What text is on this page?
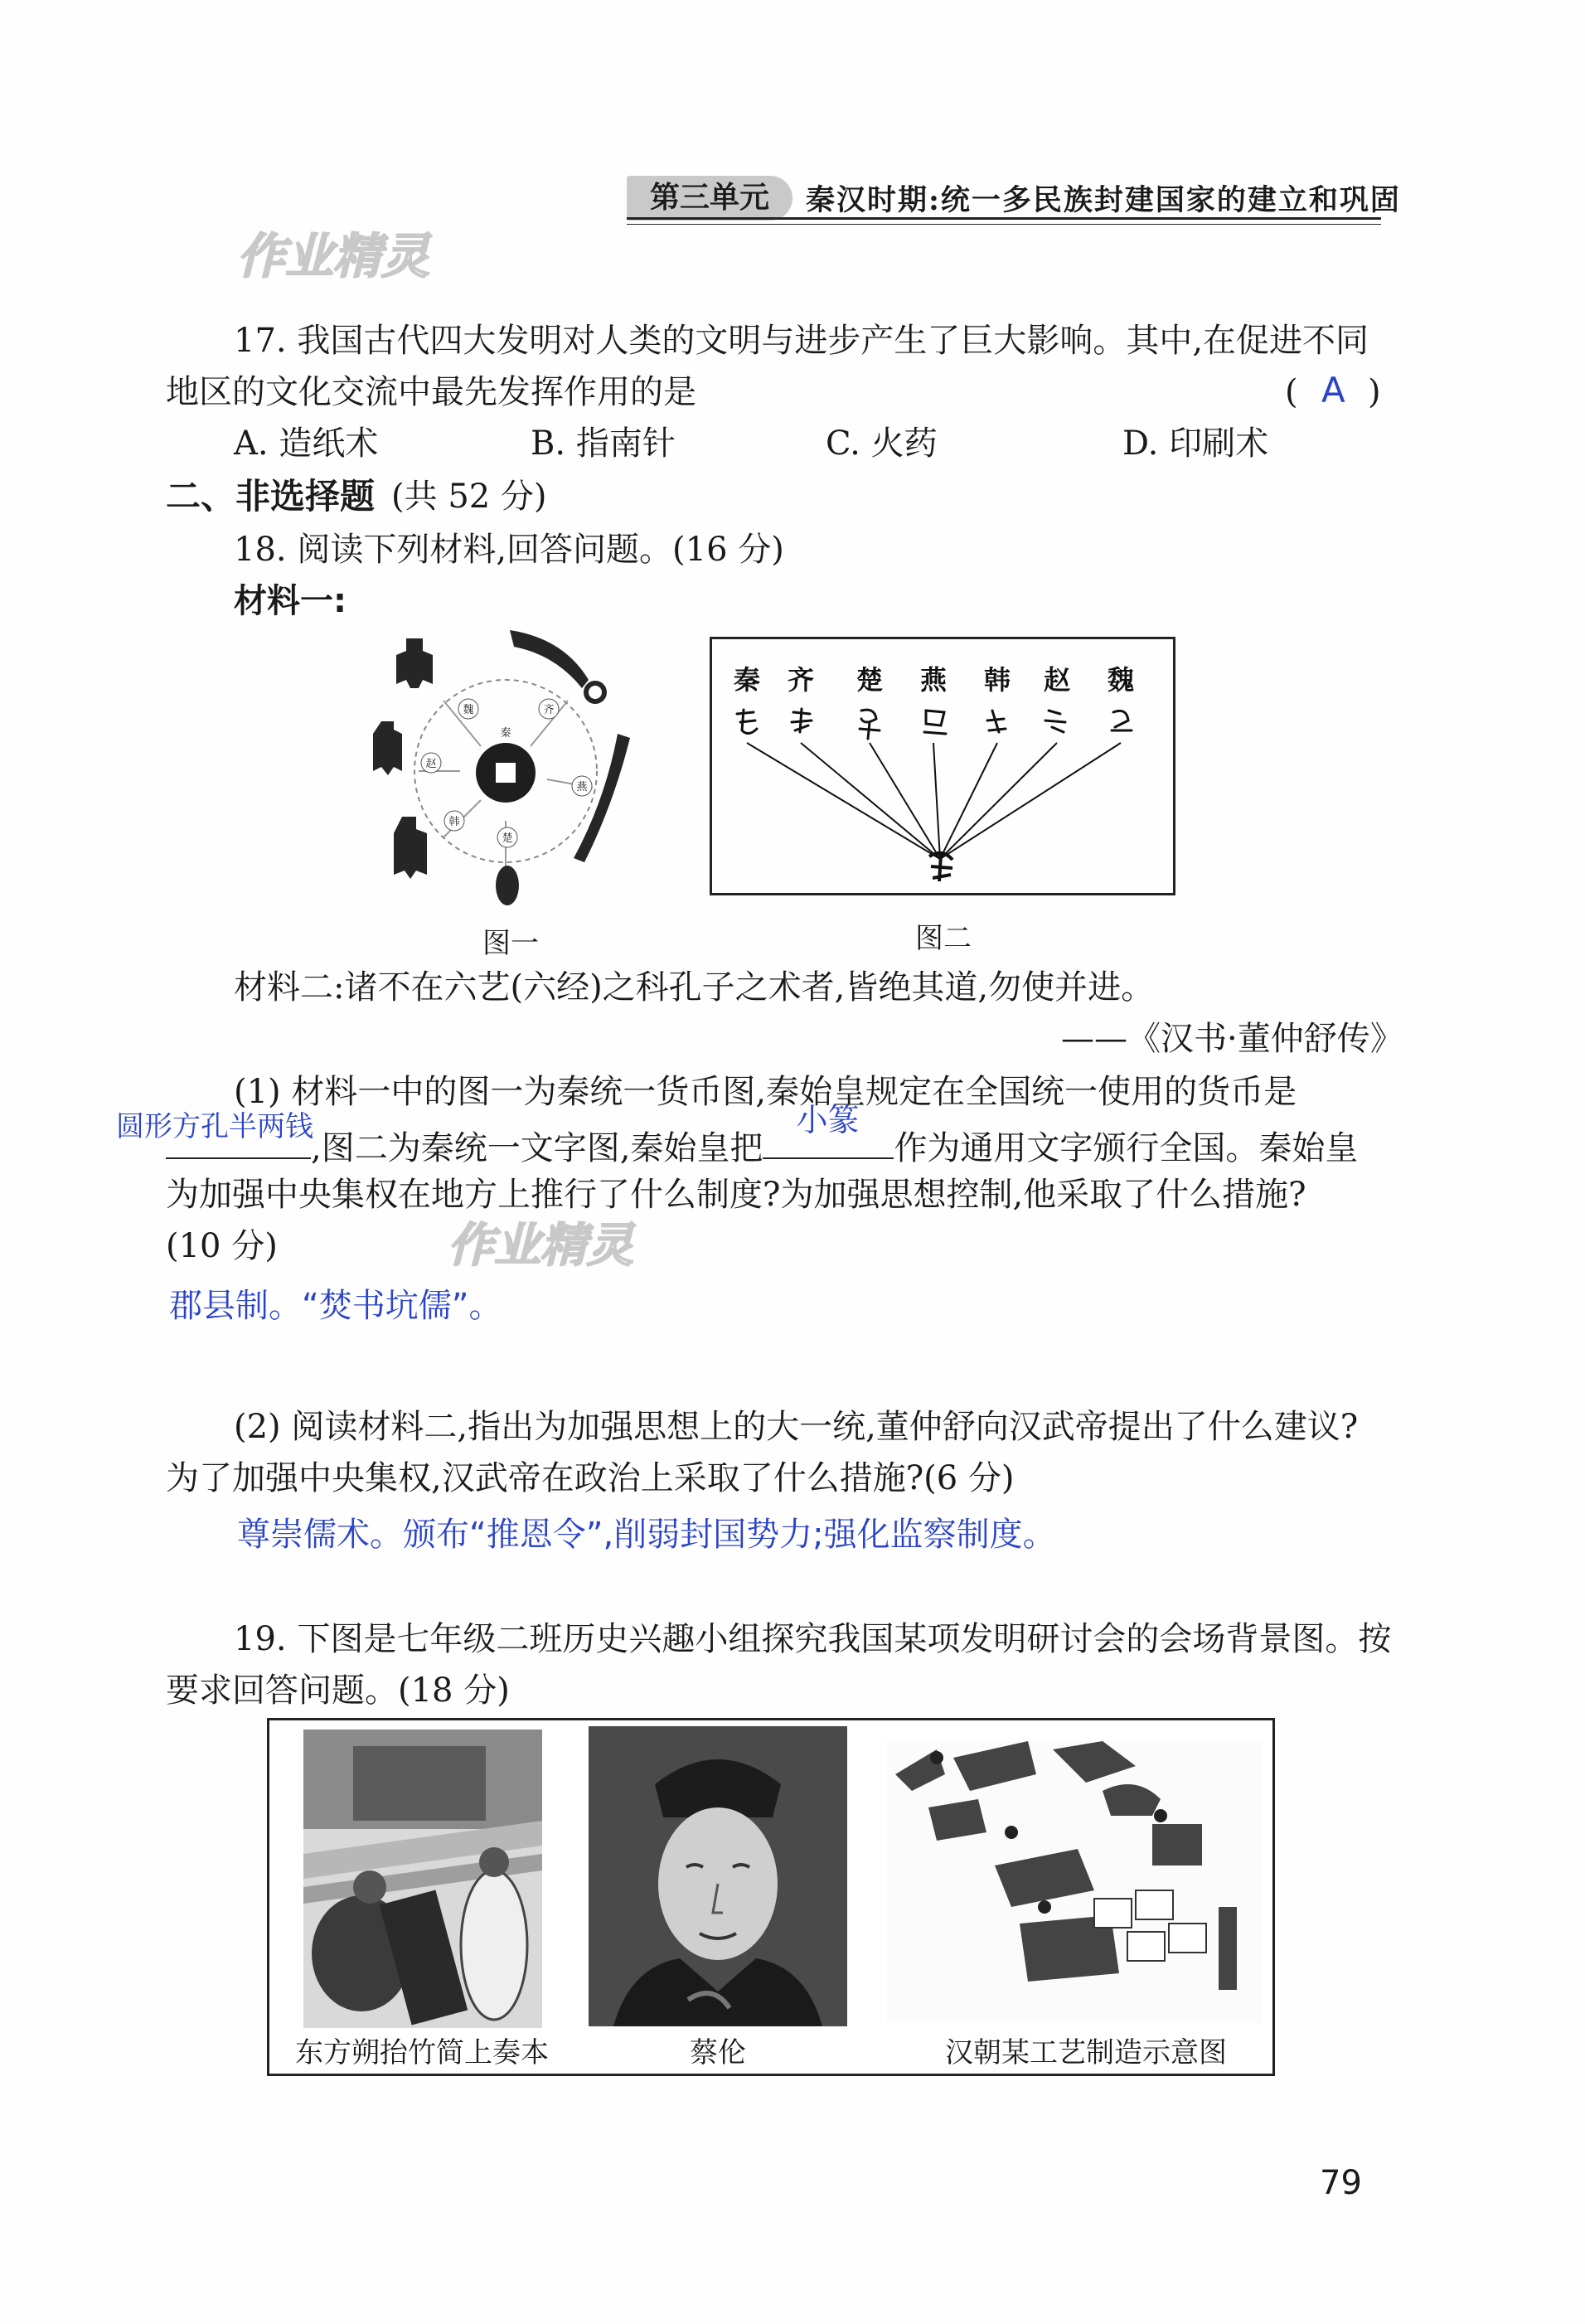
第三单元	秦汉时期:统一多民族封建国家的建立和巩固
作业精灵
17. 我国古代四大发明对人类的文明与进步产生了巨大影响。其中,在促进不同
地区的文化交流中最先发挥作用的是	( A )
A. 造纸术	B. 指南针	C. 火药	D. 印刷术
二、非选择题 (共 52 分)
18. 阅读下列材料,回答问题。(16 分)
材料一:
魏	齐
燕
楚
韩
赵
秦
图一
秦 齐 楚 燕 韩 赵 魏
图二
材料二:诸不在六艺(六经)之科孔子之术者,皆绝其道,勿使并进。
——《汉书·董仲舒传》
(1) 材料一中的图一为秦统一货币图,秦始皇规定在全国统一使用的货币是
圆形方孔半两钱
,图二为秦统一文字图,秦始皇把
小篆
作为通用文字颁行全国。秦始皇
为加强中央集权在地方上推行了什么制度?为加强思想控制,他采取了什么措施?
(10 分)	作业精灵
郡县制。“焚书坑儒”。
(2) 阅读材料二,指出为加强思想上的大一统,董仲舒向汉武帝提出了什么建议?
为了加强中央集权,汉武帝在政治上采取了什么措施?(6 分)
尊崇儒术。颁布“推恩令”,削弱封国势力;强化监察制度。
19. 下图是七年级二班历史兴趣小组探究我国某项发明研讨会的会场背景图。按
要求回答问题。(18 分)
东方朔抬竹简上奏本	蔡伦	汉朝某工艺制造示意图
79
